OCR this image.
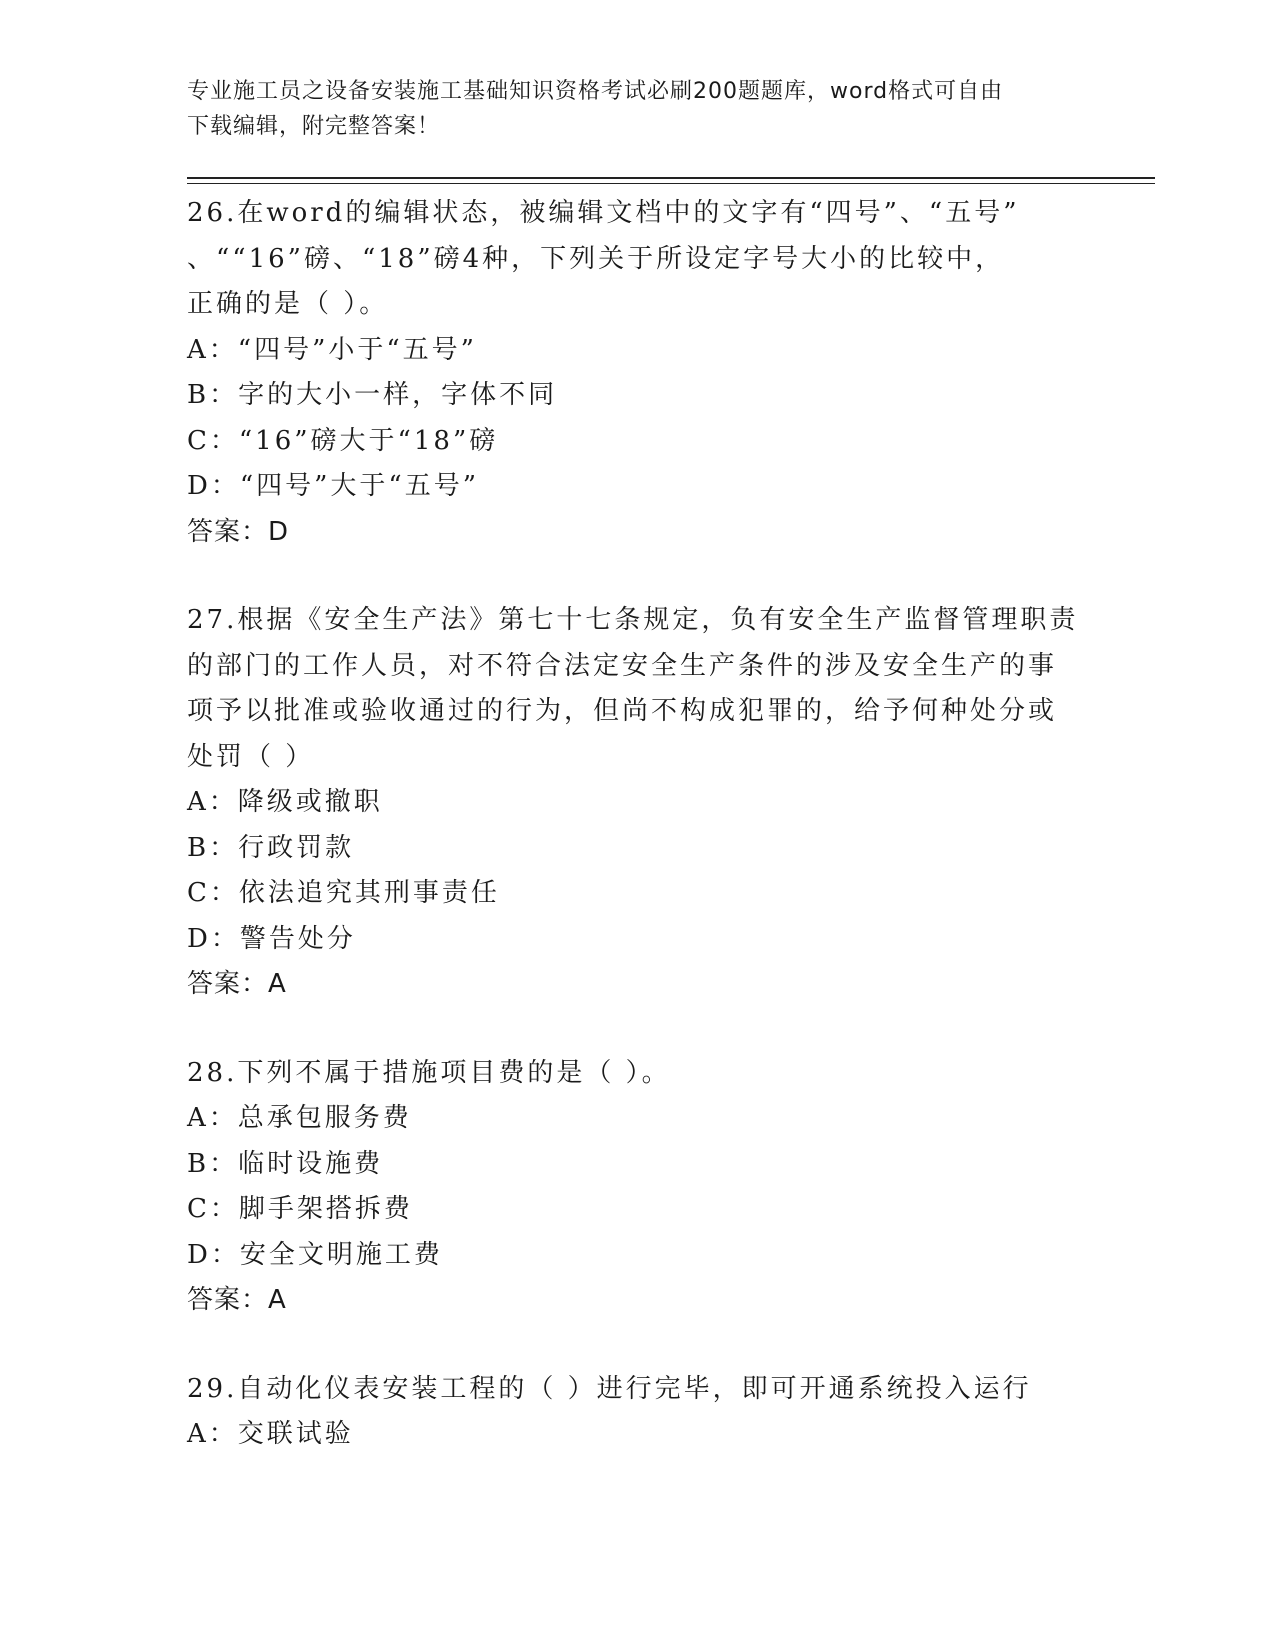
专业施工员之设备安装施工基础知识资格考试必刷200题题库，word格式可自由
下载编辑，附完整答案！

26.在word的编辑状态，被编辑文档中的文字有“四号”、“五号”

、““16”磅、“18”磅4种，下列关于所设定字号大小的比较中，

正确的是（ ）。

A：“四号”小于“五号”

B：字的大小一样，字体不同

C：“16”磅大于“18”磅

D：“四号”大于“五号”

答案：D

27.根据《安全生产法》第七十七条规定，负有安全生产监督管理职责

的部门的工作人员，对不符合法定安全生产条件的涉及安全生产的事

项予以批准或验收通过的行为，但尚不构成犯罪的，给予何种处分或

处罚（ ）

A：降级或撤职

B：行政罚款

C：依法追究其刑事责任

D：警告处分

答案：A

28.下列不属于措施项目费的是（ ）。

A：总承包服务费

B：临时设施费

C：脚手架搭拆费

D：安全文明施工费

答案：A

29.自动化仪表安装工程的（ ）进行完毕，即可开通系统投入运行

A：交联试验
